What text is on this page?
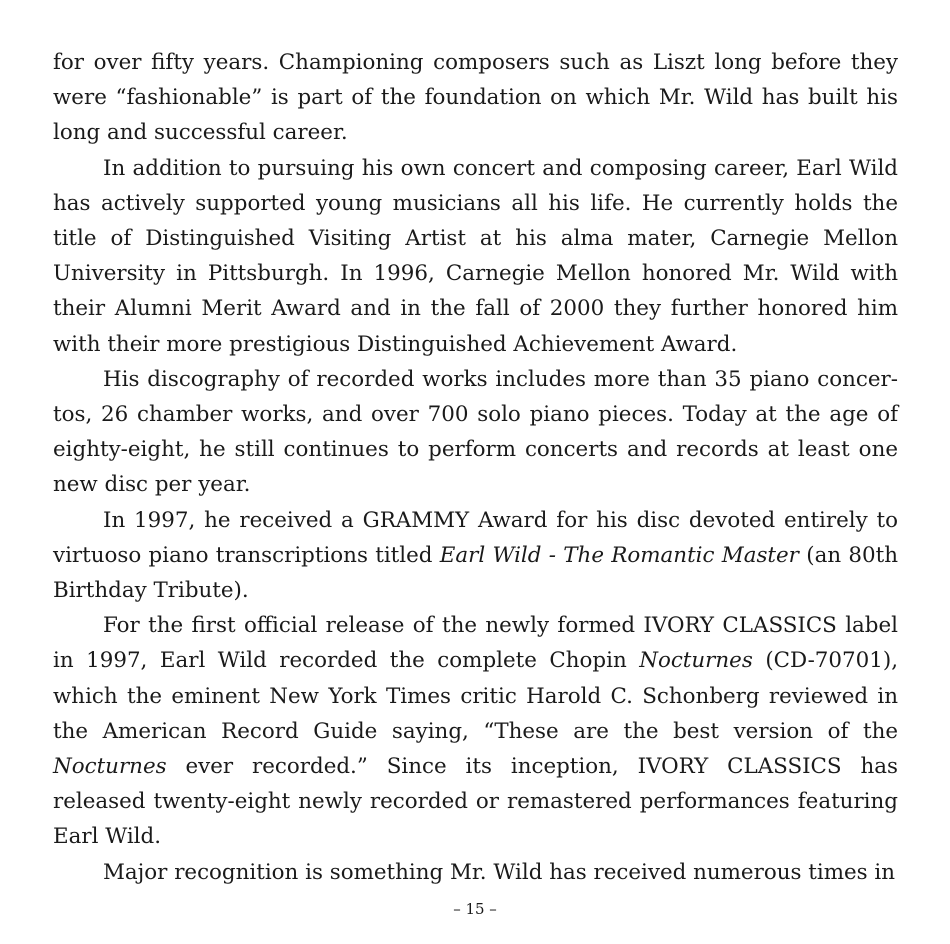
for over fifty years. Championing composers such as Liszt long before they were “fashionable” is part of the foundation on which Mr. Wild has built his long and successful career.

In addition to pursuing his own concert and composing career, Earl Wild has actively supported young musicians all his life. He currently holds the title of Distinguished Visiting Artist at his alma mater, Carnegie Mellon University in Pittsburgh. In 1996, Carnegie Mellon honored Mr. Wild with their Alumni Merit Award and in the fall of 2000 they further honored him with their more prestigious Distinguished Achievement Award.

His discography of recorded works includes more than 35 piano concertos, 26 chamber works, and over 700 solo piano pieces. Today at the age of eighty-eight, he still continues to perform concerts and records at least one new disc per year.

In 1997, he received a GRAMMY Award for his disc devoted entirely to virtuoso piano transcriptions titled Earl Wild - The Romantic Master (an 80th Birthday Tribute).

For the first official release of the newly formed IVORY CLASSICS label in 1997, Earl Wild recorded the complete Chopin Nocturnes (CD-70701), which the eminent New York Times critic Harold C. Schonberg reviewed in the American Record Guide saying, “These are the best version of the Nocturnes ever recorded.” Since its inception, IVORY CLASSICS has released twenty-eight newly recorded or remastered performances featuring Earl Wild.

Major recognition is something Mr. Wild has received numerous times in

– 15 –
